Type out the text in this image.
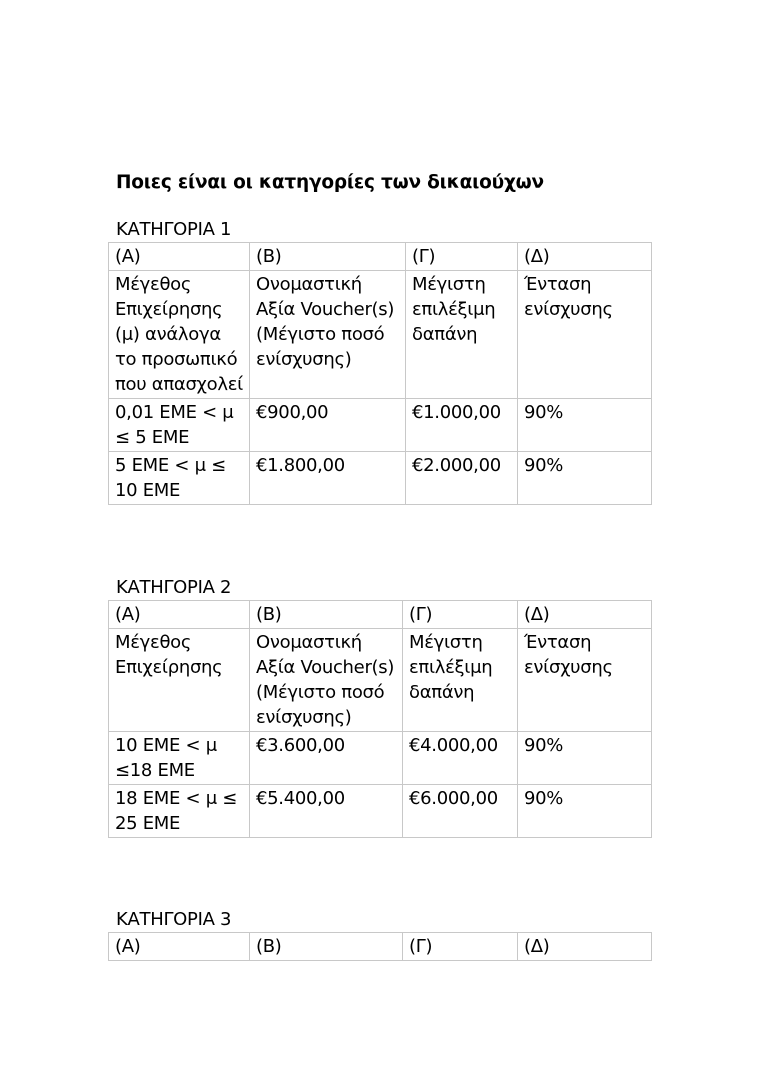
Ποιες είναι οι κατηγορίες των δικαιούχων

ΚΑΤΗΓΟΡΙΑ 1

(Α)	(Β)	(Γ)	(Δ)
Μέγεθος Επιχείρησης (μ) ανάλογα το προσωπικό που απασχολεί	Ονομαστική Αξία Voucher(s) (Μέγιστο ποσό ενίσχυσης)	Μέγιστη επιλέξιμη δαπάνη	Ένταση ενίσχυσης
0,01 ΕΜΕ < μ ≤ 5 ΕΜΕ	€900,00	€1.000,00	90%
5 ΕΜΕ < μ ≤ 10 ΕΜΕ	€1.800,00	€2.000,00	90%

ΚΑΤΗΓΟΡΙΑ 2

(Α)	(Β)	(Γ)	(Δ)
Μέγεθος Επιχείρησης	Ονομαστική Αξία Voucher(s) (Μέγιστο ποσό ενίσχυσης)	Μέγιστη επιλέξιμη δαπάνη	Ένταση ενίσχυσης
10 ΕΜΕ < μ ≤18 ΕΜΕ	€3.600,00	€4.000,00	90%
18 ΕΜΕ < μ ≤ 25 ΕΜΕ	€5.400,00	€6.000,00	90%

ΚΑΤΗΓΟΡΙΑ 3

(Α)	(Β)	(Γ)	(Δ)
